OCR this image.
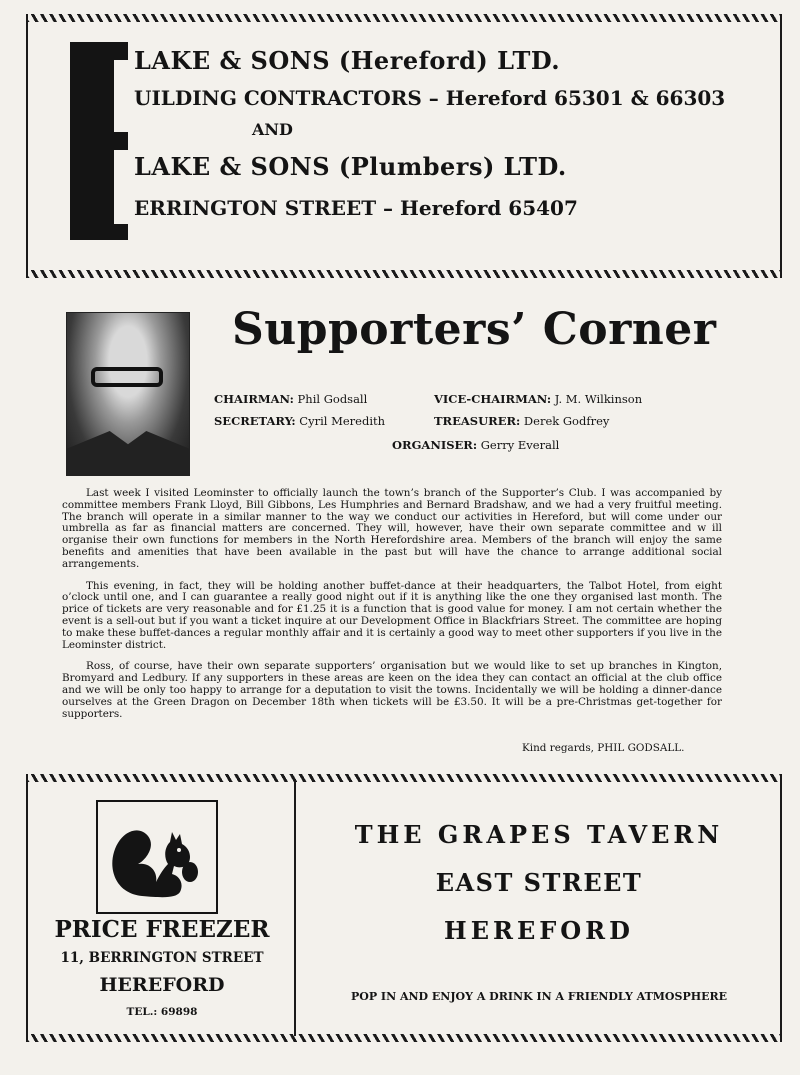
LAKE & SONS (Hereford) LTD.
UILDING CONTRACTORS – Hereford 65301 & 66303
AND
LAKE & SONS (Plumbers) LTD.
ERRINGTON STREET – Hereford 65407
Supporters’ Corner
CHAIRMAN: Phil Godsall	VICE-CHAIRMAN: J. M. Wilkinson
SECRETARY: Cyril Meredith	TREASURER: Derek Godfrey
ORGANISER: Gerry Everall

Last week I visited Leominster to officially launch the town’s branch of the Supporter’s Club. I was accompanied by committee members Frank Lloyd, Bill Gibbons, Les Humphries and Bernard Bradshaw, and we had a very fruitful meeting. The branch will operate in a similar manner to the way we conduct our activities in Hereford, but will come under our umbrella as far as financial matters are concerned. They will, however, have their own separate committee and w ill organise their own functions for members in the North Herefordshire area. Members of the branch will enjoy the same benefits and amenities that have been available in the past but will have the chance to arrange additional social arrangements.

This evening, in fact, they will be holding another buffet-dance at their headquarters, the Talbot Hotel, from eight o’clock until one, and I can guarantee a really good night out if it is anything like the one they organised last month. The price of tickets are very reasonable and for £1.25 it is a function that is good value for money. I am not certain whether the event is a sell-out but if you want a ticket inquire at our Development Office in Blackfriars Street. The committee are hoping to make these buffet-dances a regular monthly affair and it is certainly a good way to meet other supporters if you live in the Leominster district.

Ross, of course, have their own separate supporters’ organisation but we would like to set up branches in Kington, Bromyard and Ledbury. If any supporters in these areas are keen on the idea they can contact an official at the club office and we will be only too happy to arrange for a deputation to visit the towns. Incidentally we will be holding a dinner-dance ourselves at the Green Dragon on December 18th when tickets will be £3.50. It will be a pre-Christmas get-together for supporters.

Kind regards, PHIL GODSALL.
PRICE FREEZER
11, BERRINGTON STREET
HEREFORD
TEL.: 69898
THE GRAPES TAVERN
EAST STREET
HEREFORD
POP IN AND ENJOY A DRINK IN A FRIENDLY ATMOSPHERE
